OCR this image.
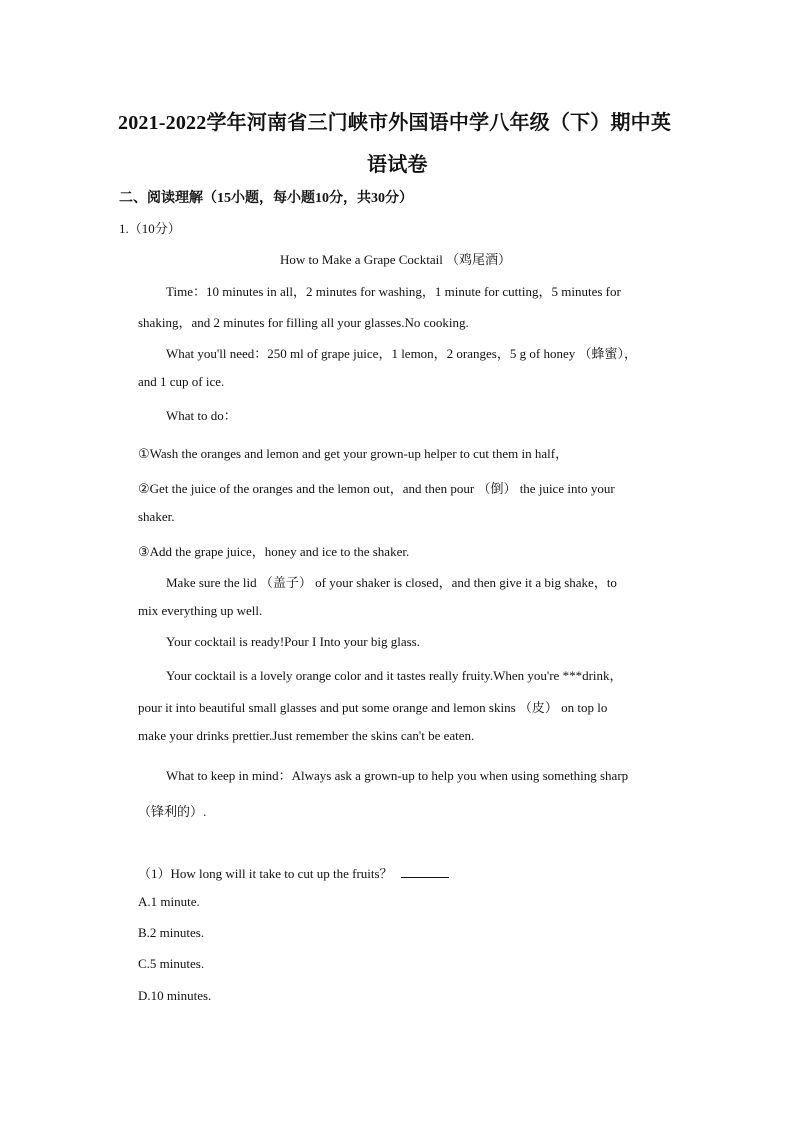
2021-2022学年河南省三门峡市外国语中学八年级（下）期中英
语试卷
二、阅读理解（15小题，每小题10分，共30分）
1.（10分）
How to Make a Grape Cocktail （鸡尾酒）
Time：10 minutes in all，2 minutes for washing，1 minute for cutting，5 minutes for
shaking，and 2 minutes for filling all your glasses.No cooking.
What you'll need：250 ml of grape juice，1 lemon，2 oranges，5 g of honey （蜂蜜），
and 1 cup of ice.
What to do：
①Wash the oranges and lemon and get your grown-up helper to cut them in half，
②Get the juice of the oranges and the lemon out，and then pour （倒） the juice into your
shaker.
③Add the grape juice，honey and ice to the shaker.
Make sure the lid （盖子） of your shaker is closed，and then give it a big shake，to
mix everything up well.
Your cocktail is ready!Pour I Into your big glass.
Your cocktail is a lovely orange color and it tastes really fruity.When you're ***drink，
pour it into beautiful small glasses and put some orange and lemon skins （皮） on top lo
make your drinks prettier.Just remember the skins can't be eaten.
What to keep in mind：Always ask a grown-up to help you when using something sharp
（锋利的）.
（1）How long will it take to cut up the fruits？
A.1 minute.
B.2 minutes.
C.5 minutes.
D.10 minutes.
